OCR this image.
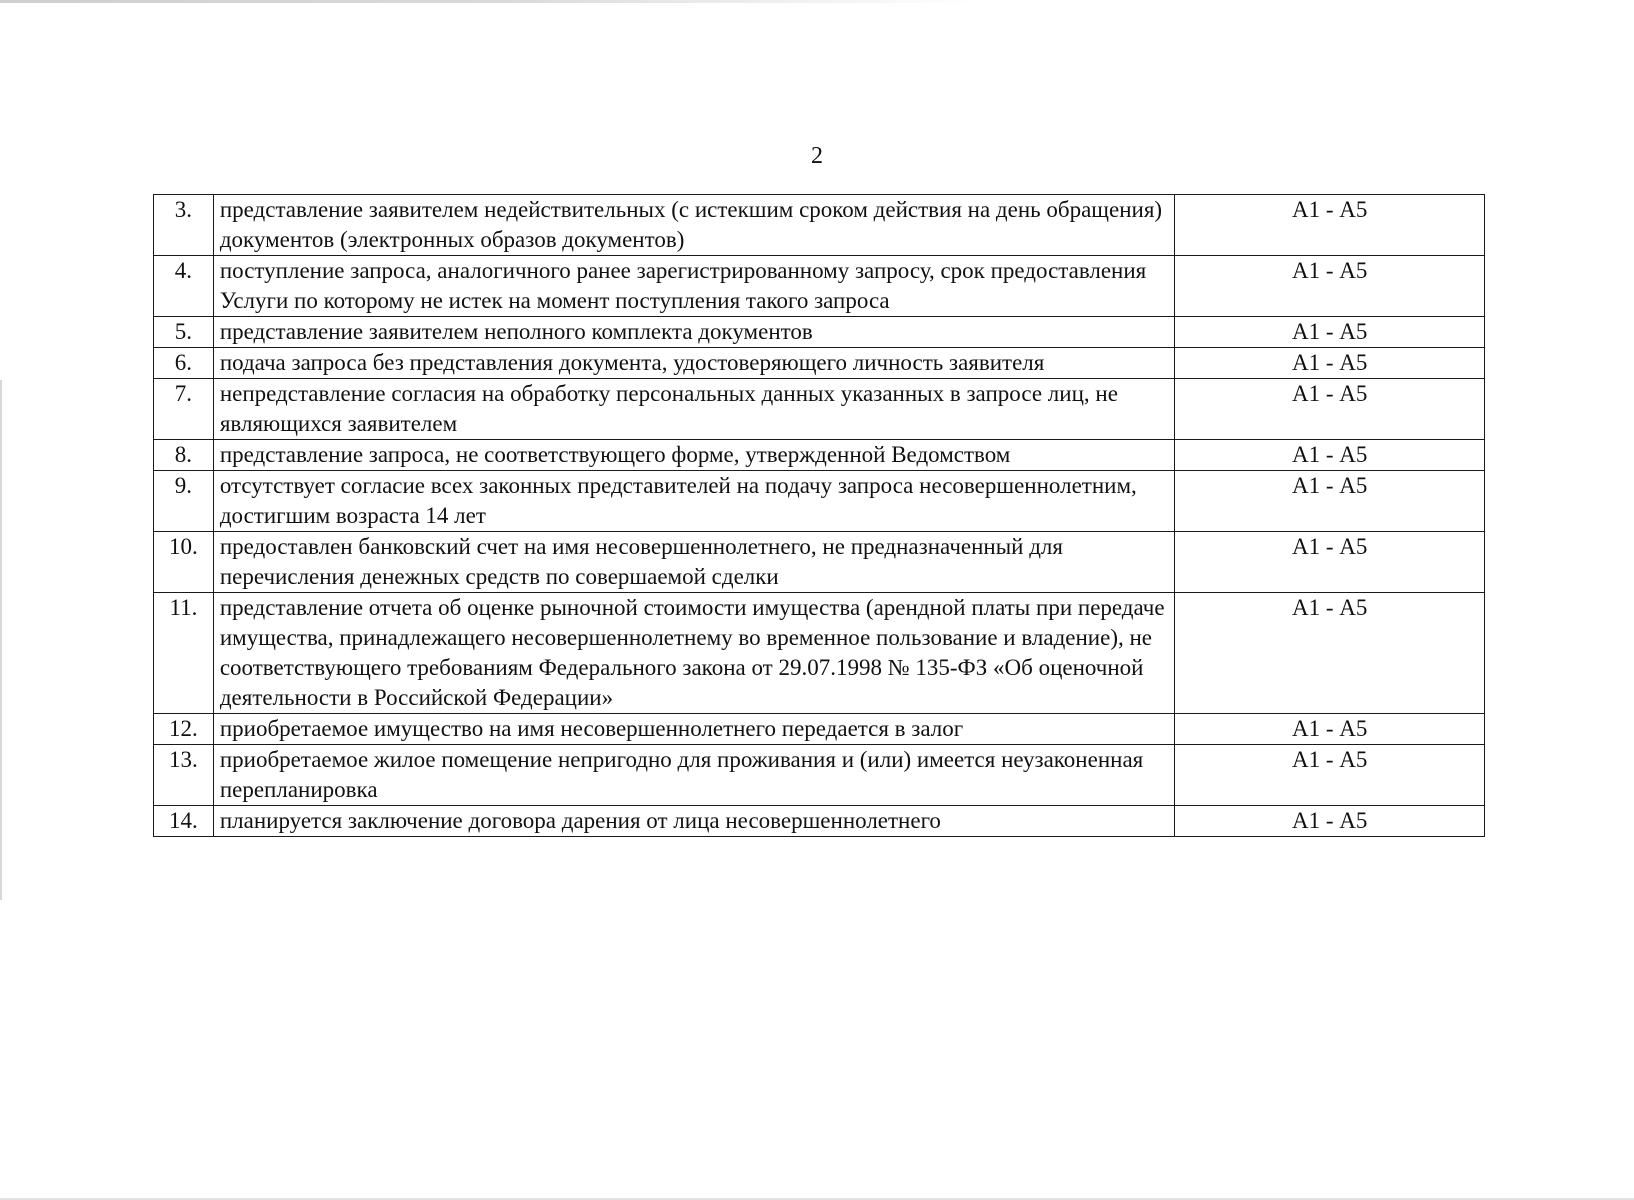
2
3.	представление заявителем недействительных (с истекшим сроком действия на день обращения) документов (электронных образов документов)	А1 - А5
4.	поступление запроса, аналогичного ранее зарегистрированному запросу, срок предоставления Услуги по которому не истек на момент поступления такого запроса	А1 - А5
5.	представление заявителем неполного комплекта документов	А1 - А5
6.	подача запроса без представления документа, удостоверяющего личность заявителя	А1 - А5
7.	непредставление согласия на обработку персональных данных указанных в запросе лиц, не являющихся заявителем	А1 - А5
8.	представление запроса, не соответствующего форме, утвержденной Ведомством	А1 - А5
9.	отсутствует согласие всех законных представителей на подачу запроса несовершеннолетним, достигшим возраста 14 лет	А1 - А5
10.	предоставлен банковский счет на имя несовершеннолетнего, не предназначенный для перечисления денежных средств по совершаемой сделки	А1 - А5
11.	представление отчета об оценке рыночной стоимости имущества (арендной платы при передаче имущества, принадлежащего несовершеннолетнему во временное пользование и владение), не соответствующего требованиям Федерального закона от 29.07.1998 № 135-ФЗ «Об оценочной деятельности в Российской Федерации»	А1 - А5
12.	приобретаемое имущество на имя несовершеннолетнего передается в залог	А1 - А5
13.	приобретаемое жилое помещение непригодно для проживания и (или) имеется неузаконенная перепланировка	А1 - А5
14.	планируется заключение договора дарения от лица несовершеннолетнего	А1 - А5
